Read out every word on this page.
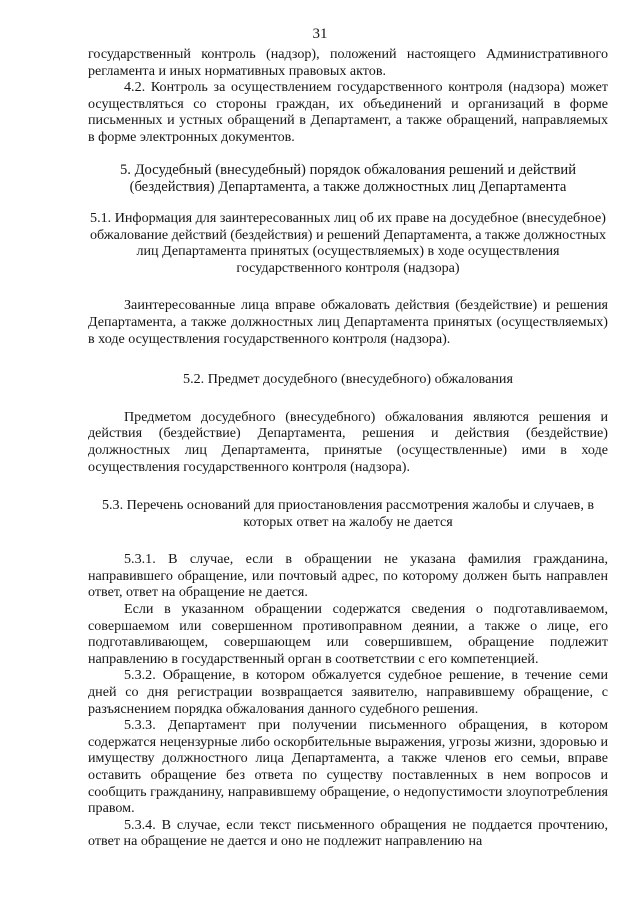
31

государственный контроль (надзор), положений настоящего Административного регламента и иных нормативных правовых актов.

4.2. Контроль за осуществлением государственного контроля (надзора) может осуществляться со стороны граждан, их объединений и организаций в форме письменных и устных обращений в Департамент, а также обращений, направляемых в форме электронных документов.

5. Досудебный (внесудебный) порядок обжалования решений и действий (бездействия) Департамента, а также должностных лиц Департамента

5.1. Информация для заинтересованных лиц об их праве на досудебное (внесудебное) обжалование действий (бездействия) и решений Департамента, а также должностных лиц Департамента принятых (осуществляемых) в ходе осуществления государственного контроля (надзора)

Заинтересованные лица вправе обжаловать действия (бездействие) и решения Департамента, а также должностных лиц Департамента принятых (осуществляемых) в ходе осуществления государственного контроля (надзора).

5.2. Предмет досудебного (внесудебного) обжалования

Предметом досудебного (внесудебного) обжалования являются решения и действия (бездействие) Департамента, решения и действия (бездействие) должностных лиц Департамента, принятые (осуществленные) ими в ходе осуществления государственного контроля (надзора).

5.3. Перечень оснований для приостановления рассмотрения жалобы и случаев, в которых ответ на жалобу не дается

5.3.1. В случае, если в обращении не указана фамилия гражданина, направившего обращение, или почтовый адрес, по которому должен быть направлен ответ, ответ на обращение не дается.

Если в указанном обращении содержатся сведения о подготавливаемом, совершаемом или совершенном противоправном деянии, а также о лице, его подготавливающем, совершающем или совершившем, обращение подлежит направлению в государственный орган в соответствии с его компетенцией.

5.3.2. Обращение, в котором обжалуется судебное решение, в течение семи дней со дня регистрации возвращается заявителю, направившему обращение, с разъяснением порядка обжалования данного судебного решения.

5.3.3. Департамент при получении письменного обращения, в котором содержатся нецензурные либо оскорбительные выражения, угрозы жизни, здоровью и имуществу должностного лица Департамента, а также членов его семьи, вправе оставить обращение без ответа по существу поставленных в нем вопросов и сообщить гражданину, направившему обращение, о недопустимости злоупотребления правом.

5.3.4. В случае, если текст письменного обращения не поддается прочтению, ответ на обращение не дается и оно не подлежит направлению на
